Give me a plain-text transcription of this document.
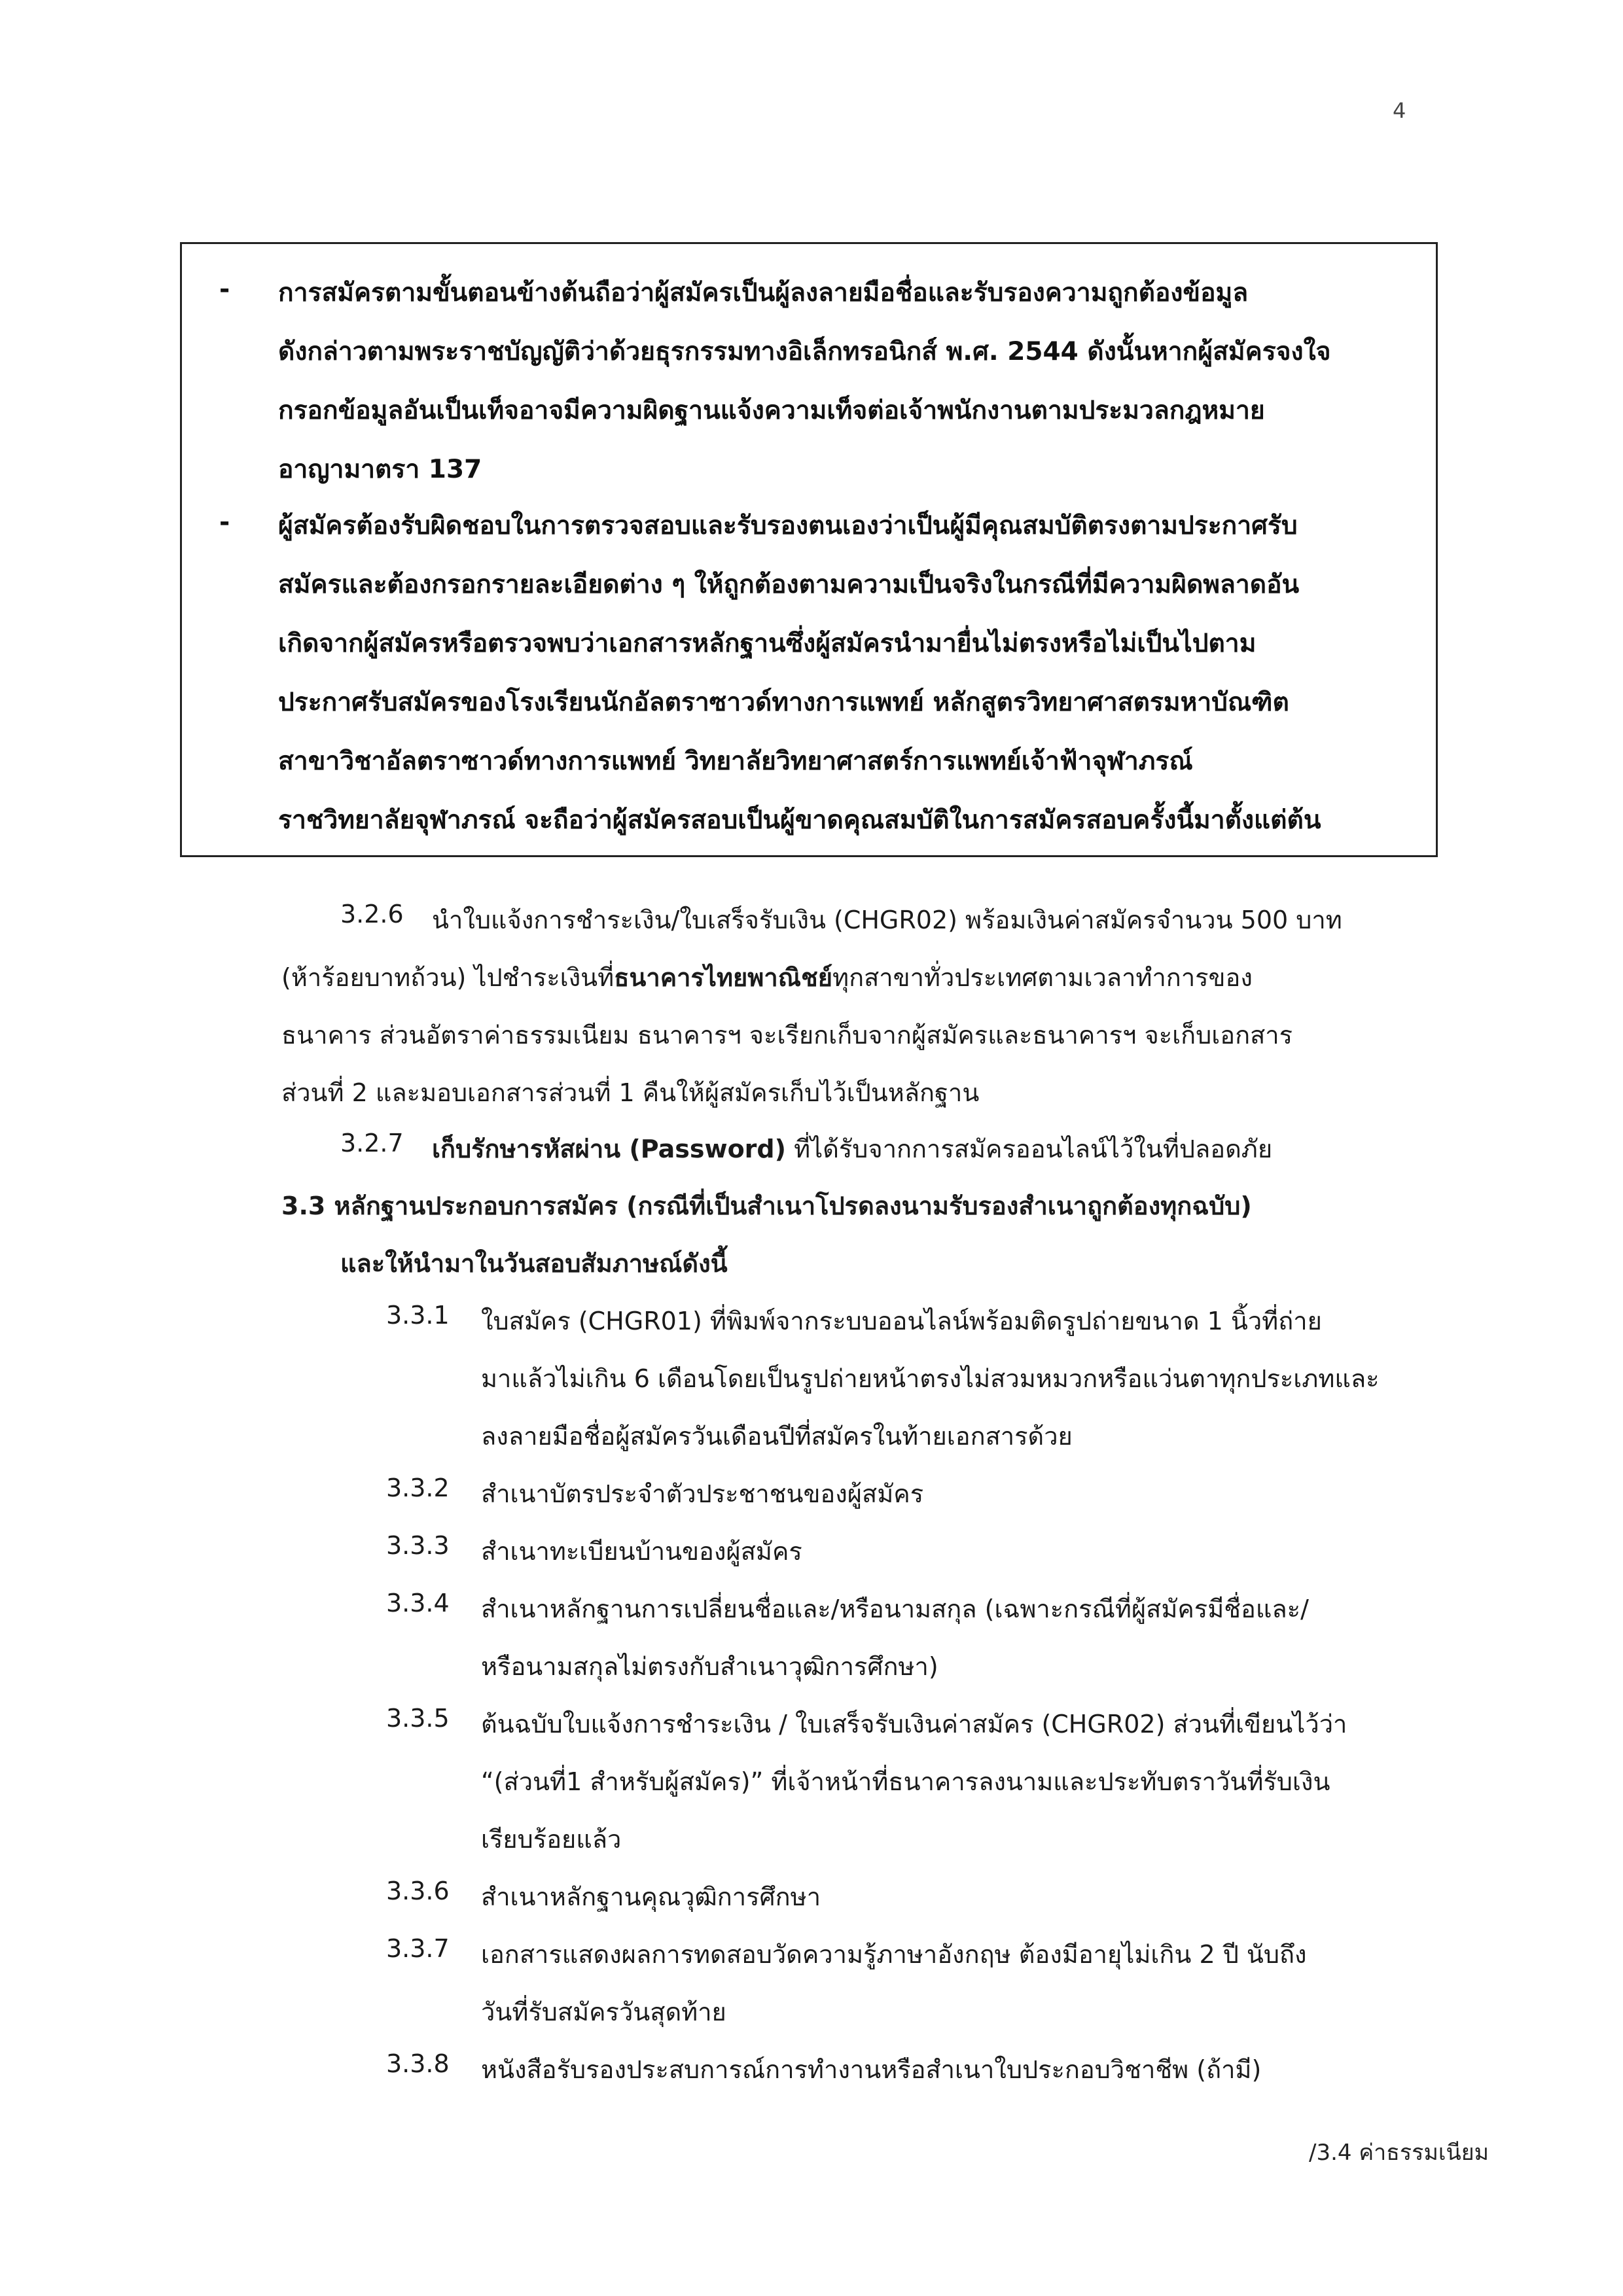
4
- การสมัครตามขั้นตอนข้างต้นถือว่าผู้สมัครเป็นผู้ลงลายมือชื่อและรับรองความถูกต้องข้อมูล
ดังกล่าวตามพระราชบัญญัติว่าด้วยธุรกรรมทางอิเล็กทรอนิกส์ พ.ศ. 2544 ดังนั้นหากผู้สมัครจงใจ
กรอกข้อมูลอันเป็นเท็จอาจมีความผิดฐานแจ้งความเท็จต่อเจ้าพนักงานตามประมวลกฎหมาย
อาญามาตรา 137
- ผู้สมัครต้องรับผิดชอบในการตรวจสอบและรับรองตนเองว่าเป็นผู้มีคุณสมบัติตรงตามประกาศรับ
สมัครและต้องกรอกรายละเอียดต่าง ๆ ให้ถูกต้องตามความเป็นจริงในกรณีที่มีความผิดพลาดอัน
เกิดจากผู้สมัครหรือตรวจพบว่าเอกสารหลักฐานซึ่งผู้สมัครนำมายื่นไม่ตรงหรือไม่เป็นไปตาม
ประกาศรับสมัครของโรงเรียนนักอัลตราซาวด์ทางการแพทย์ หลักสูตรวิทยาศาสตรมหาบัณฑิต
สาขาวิชาอัลตราซาวด์ทางการแพทย์ วิทยาลัยวิทยาศาสตร์การแพทย์เจ้าฟ้าจุฬาภรณ์
ราชวิทยาลัยจุฬาภรณ์ จะถือว่าผู้สมัครสอบเป็นผู้ขาดคุณสมบัติในการสมัครสอบครั้งนี้มาตั้งแต่ต้น
3.2.6 นำใบแจ้งการชำระเงิน/ใบเสร็จรับเงิน (CHGR02) พร้อมเงินค่าสมัครจำนวน 500 บาท
(ห้าร้อยบาทถ้วน) ไปชำระเงินที่ธนาคารไทยพาณิชย์ทุกสาขาทั่วประเทศตามเวลาทำการของ
ธนาคาร ส่วนอัตราค่าธรรมเนียม ธนาคารฯ จะเรียกเก็บจากผู้สมัครและธนาคารฯ จะเก็บเอกสาร
ส่วนที่ 2 และมอบเอกสารส่วนที่ 1 คืนให้ผู้สมัครเก็บไว้เป็นหลักฐาน
3.2.7 เก็บรักษารหัสผ่าน (Password) ที่ได้รับจากการสมัครออนไลน์ไว้ในที่ปลอดภัย
3.3 หลักฐานประกอบการสมัคร (กรณีที่เป็นสำเนาโปรดลงนามรับรองสำเนาถูกต้องทุกฉบับ)
และให้นำมาในวันสอบสัมภาษณ์ดังนี้
3.3.1 ใบสมัคร (CHGR01) ที่พิมพ์จากระบบออนไลน์พร้อมติดรูปถ่ายขนาด 1 นิ้วที่ถ่าย
มาแล้วไม่เกิน 6 เดือนโดยเป็นรูปถ่ายหน้าตรงไม่สวมหมวกหรือแว่นตาทุกประเภทและ
ลงลายมือชื่อผู้สมัครวันเดือนปีที่สมัครในท้ายเอกสารด้วย
3.3.2 สำเนาบัตรประจำตัวประชาชนของผู้สมัคร
3.3.3 สำเนาทะเบียนบ้านของผู้สมัคร
3.3.4 สำเนาหลักฐานการเปลี่ยนชื่อและ/หรือนามสกุล (เฉพาะกรณีที่ผู้สมัครมีชื่อและ/
หรือนามสกุลไม่ตรงกับสำเนาวุฒิการศึกษา)
3.3.5 ต้นฉบับใบแจ้งการชำระเงิน / ใบเสร็จรับเงินค่าสมัคร (CHGR02) ส่วนที่เขียนไว้ว่า
“(ส่วนที่1 สำหรับผู้สมัคร)” ที่เจ้าหน้าที่ธนาคารลงนามและประทับตราวันที่รับเงิน
เรียบร้อยแล้ว
3.3.6 สำเนาหลักฐานคุณวุฒิการศึกษา
3.3.7 เอกสารแสดงผลการทดสอบวัดความรู้ภาษาอังกฤษ ต้องมีอายุไม่เกิน 2 ปี นับถึง
วันที่รับสมัครวันสุดท้าย
3.3.8 หนังสือรับรองประสบการณ์การทำงานหรือสำเนาใบประกอบวิชาชีพ (ถ้ามี)
/3.4 ค่าธรรมเนียม
